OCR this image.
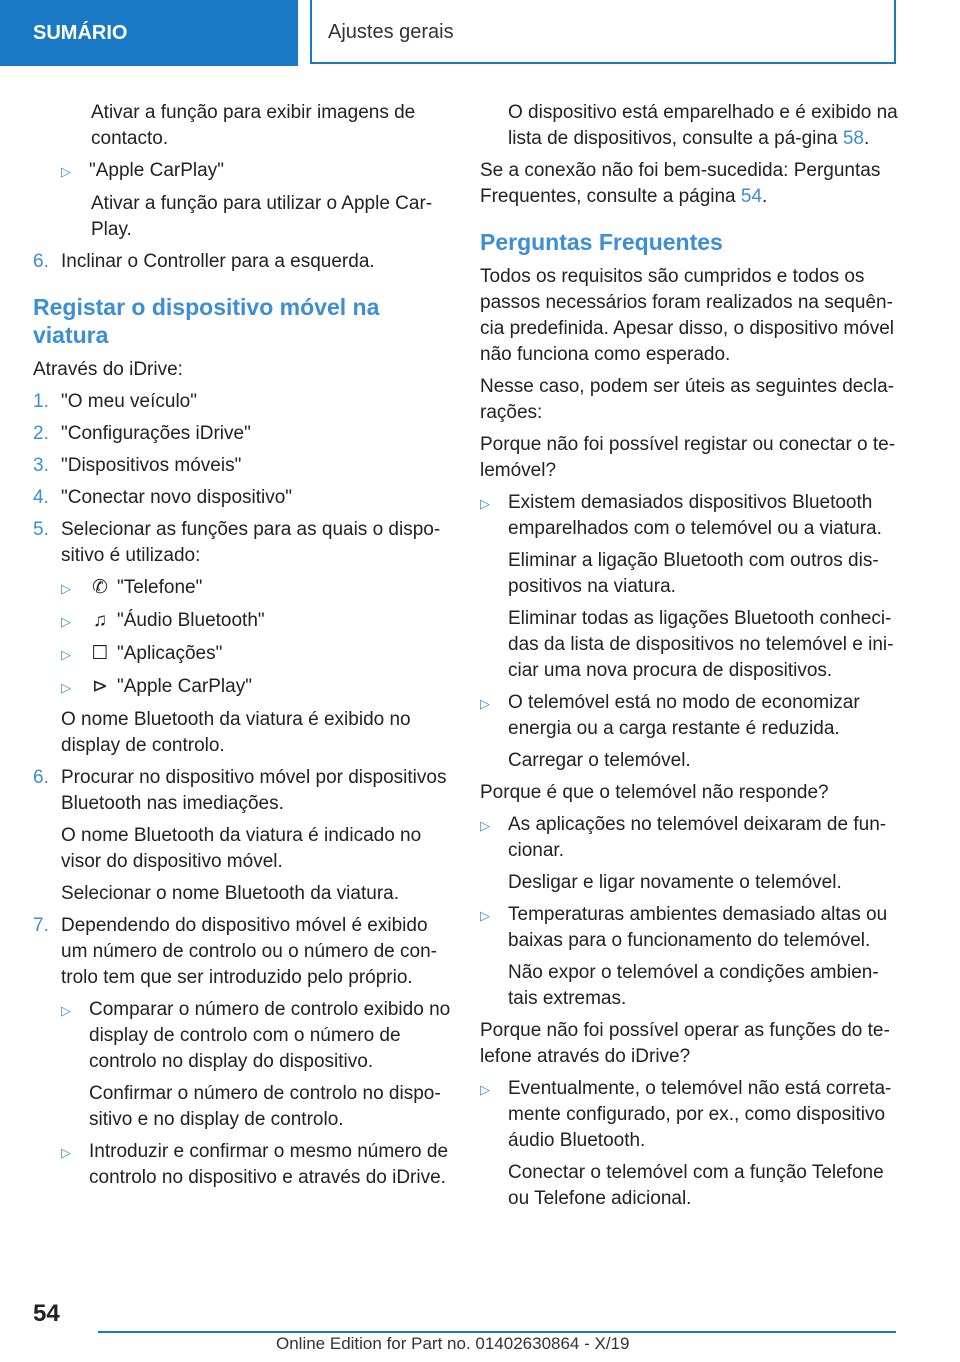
SUMÁRIO	Ajustes gerais

Ativar a função para exibir imagens de contacto.

▷ "Apple CarPlay"

Ativar a função para utilizar o Apple Car-Play.

6. Inclinar o Controller para a esquerda.
Registar o dispositivo móvel na viatura

Através do iDrive:

1. "O meu veículo"
2. "Configurações iDrive"
3. "Dispositivos móveis"
4. "Conectar novo dispositivo"
5. Selecionar as funções para as quais o dispo-sitivo é utilizado:
▷	✆ "Telefone"
▷	♫ "Áudio Bluetooth"
▷	☐ "Aplicações"
▷	⊳ "Apple CarPlay"

O nome Bluetooth da viatura é exibido no display de controlo.

6. Procurar no dispositivo móvel por dispositivos Bluetooth nas imediações.

O nome Bluetooth da viatura é indicado no visor do dispositivo móvel.

Selecionar o nome Bluetooth da viatura.

7. Dependendo do dispositivo móvel é exibido um número de controlo ou o número de con-trolo tem que ser introduzido pelo próprio.
▷ Comparar o número de controlo exibido no display de controlo com o número de controlo no display do dispositivo.

Confirmar o número de controlo no dispo-sitivo e no display de controlo.

▷ Introduzir e confirmar o mesmo número de controlo no dispositivo e através do iDrive.

O dispositivo está emparelhado e é exibido na lista de dispositivos, consulte a pá-gina 58.

Se a conexão não foi bem-sucedida: Perguntas Frequentes, consulte a página 54.

Perguntas Frequentes

Todos os requisitos são cumpridos e todos os passos necessários foram realizados na sequên-cia predefinida. Apesar disso, o dispositivo móvel não funciona como esperado.

Nesse caso, podem ser úteis as seguintes decla-rações:

Porque não foi possível registar ou conectar o te-lemóvel?

▷ Existem demasiados dispositivos Bluetooth emparelhados com o telemóvel ou a viatura.

Eliminar a ligação Bluetooth com outros dis-positivos na viatura.

Eliminar todas as ligações Bluetooth conheci-das da lista de dispositivos no telemóvel e ini-ciar uma nova procura de dispositivos.

▷ O telemóvel está no modo de economizar energia ou a carga restante é reduzida.

Carregar o telemóvel.

Porque é que o telemóvel não responde?

▷ As aplicações no telemóvel deixaram de fun-cionar.

Desligar e ligar novamente o telemóvel.

▷ Temperaturas ambientes demasiado altas ou baixas para o funcionamento do telemóvel.

Não expor o telemóvel a condições ambien-tais extremas.

Porque não foi possível operar as funções do te-lefone através do iDrive?

▷ Eventualmente, o telemóvel não está correta-mente configurado, por ex., como dispositivo áudio Bluetooth.

Conectar o telemóvel com a função Telefone ou Telefone adicional.

54
Online Edition for Part no. 01402630864 - X/19
